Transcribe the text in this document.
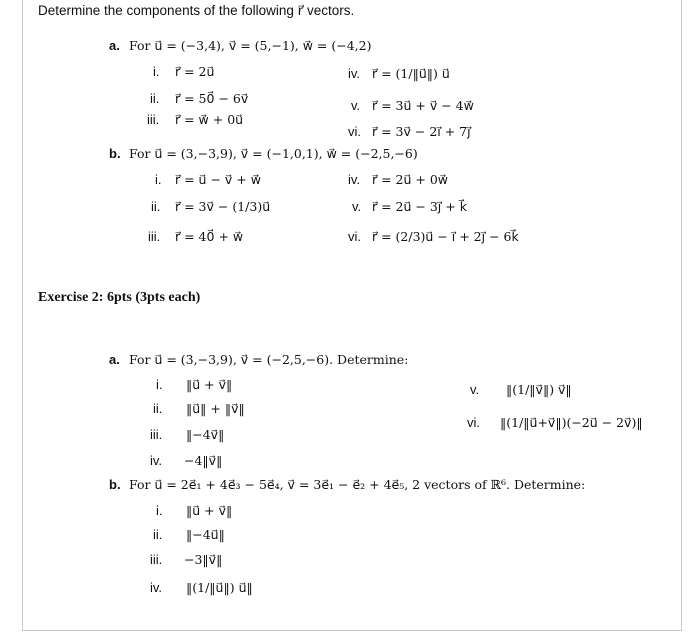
Determine the components of the following r⃗ vectors.
a. For u⃗ = (−3,4), v⃗ = (5,−1), w⃗ = (−4,2)
i. r⃗ = 2u⃗
ii. r⃗ = 50⃗ − 6v⃗
iii. r⃗ = w⃗ + 0u⃗
iv. r⃗ = (1/‖u⃗‖) u⃗
v. r⃗ = 3u⃗ + v⃗ − 4w⃗
vi. r⃗ = 3v⃗ − 2ı⃗ + 7ȷ⃗
b. For u⃗ = (3,−3,9), v⃗ = (−1,0,1), w⃗ = (−2,5,−6)
i. r⃗ = u⃗ − v⃗ + w⃗
ii. r⃗ = 3v⃗ − (1/3)u⃗
iii. r⃗ = 40⃗ + w⃗
iv. r⃗ = 2u⃗ + 0w⃗
v. r⃗ = 2u⃗ − 3ȷ⃗ + k⃗
vi. r⃗ = (2/3)u⃗ − ı⃗ + 2ȷ⃗ − 6k⃗
Exercise 2: 6pts (3pts each)
a. For u⃗ = (3,−3,9), v⃗ = (−2,5,−6). Determine:
i. ‖u⃗ + v⃗‖
ii. ‖u⃗‖ + ‖v⃗‖
iii. ‖−4v⃗‖
iv. −4‖v⃗‖
v. ‖(1/‖v⃗‖) v⃗‖
vi. ‖(1/‖u⃗+v⃗‖)(−2u⃗ − 2v⃗)‖
b. For u⃗ = 2e⃗₁ + 4e⃗₃ − 5e⃗₄, v⃗ = 3e⃗₁ − e⃗₂ + 4e⃗₅, 2 vectors of ℝ⁶. Determine:
i. ‖u⃗ + v⃗‖
ii. ‖−4u⃗‖
iii. −3‖v⃗‖
iv. ‖(1/‖u⃗‖) u⃗‖
